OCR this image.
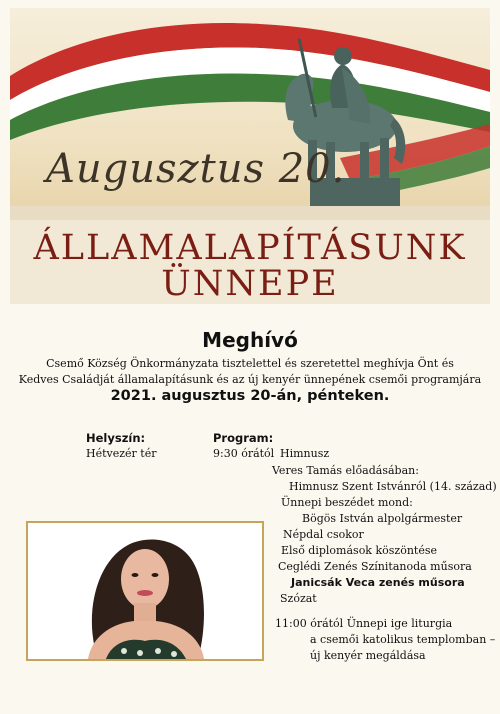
Augusztus 20.
ÁLLAMALAPÍTÁSUNK
ÜNNEPE
Meghívó
Csemő Község Önkormányzata tisztelettel és szeretettel meghívja Önt és
Kedves Családját államalapításunk és az új kenyér ünnepének csemői programjára
2021. augusztus 20-án, pénteken.
Helyszín:
Hétvezér tér
Program:
9:30 órától Himnusz
Veres Tamás előadásában:
Himnusz Szent Istvánról (14. század)
Ünnepi beszédet mond:
Bögös István alpolgármester
Népdal csokor
Első diplomások köszöntése
Ceglédi Zenés Színitanoda műsora
Janicsák Veca zenés műsora
Szózat
11:00 órától Ünnepi ige liturgia
a csemői katolikus templomban –
új kenyér megáldása
